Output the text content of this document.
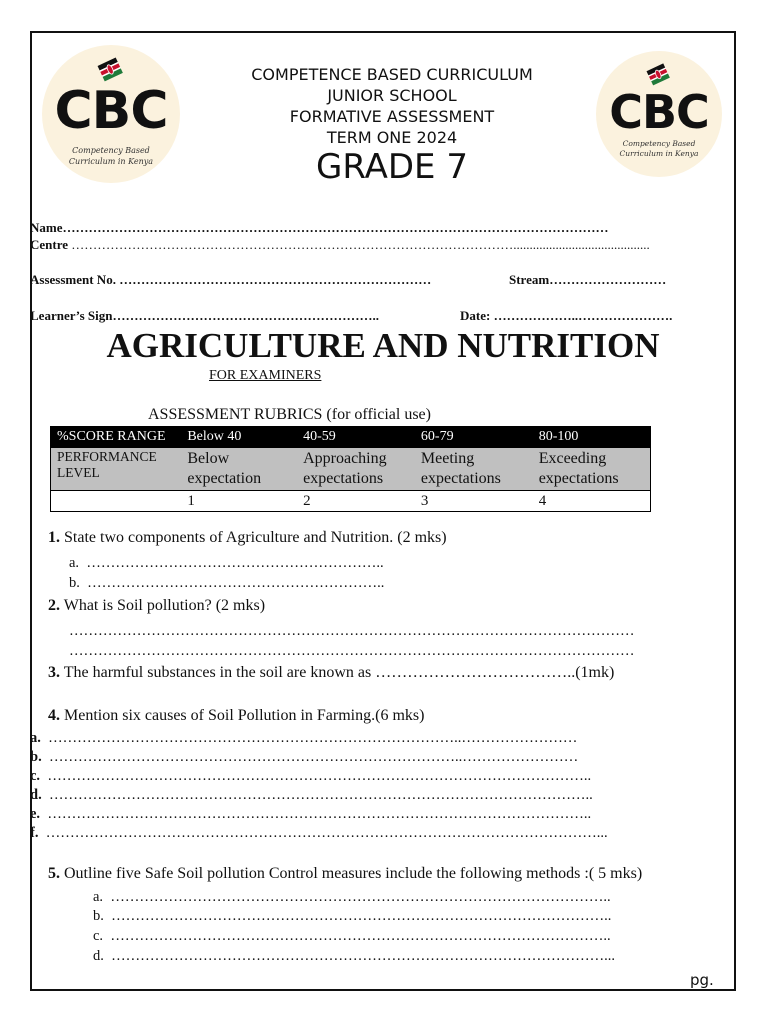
CBC
Competency Based
Curriculum in Kenya
CBC
Competency Based
Curriculum in Kenya
COMPETENCE BASED CURRICULUM
JUNIOR SCHOOL
FORMATIVE ASSESSMENT
TERM ONE 2024
GRADE 7
Name………………………………………………………………………………………………………………
Centre …………………………………………………………………………………………..........................................
Assessment No. ………………………………………………………………	Stream………………………
Learner’s Sign……………………………………………………..	Date: ………………..………………….
AGRICULTURE AND NUTRITION
FOR EXAMINERS
ASSESSMENT RUBRICS (for official use)
%SCORE RANGE	Below 40	40-59	60-79	80-100
PERFORMANCE LEVEL	Below expectation	Approaching expectations	Meeting expectations	Exceeding expectations
	1	2	3	4
1. State two components of Agriculture and Nutrition. (2 mks)
a. ……………………………………………………..
b. ……………………………………………………..
2. What is Soil pollution? (2 mks)
………………………………………………………………………………………………………
………………………………………………………………………………………………………
3. The harmful substances in the soil are known as ………………………………..(1mk)
4. Mention six causes of Soil Pollution in Farming.(6 mks)
a. …………………………………………………………………………..……………………
b. …………………………………………………………………………..……………………
c. …………………………………………………………………………………………………..
d. …………………………………………………………………………………………………..
e. …………………………………………………………………………………………………..
f. ……………………………………………………………………………………………………...
5. Outline five Safe Soil pollution Control measures include the following methods :( 5 mks)
a. …………………………………………………………………………………………..
b. …………………………………………………………………………………………..
c. …………………………………………………………………………………………..
d. …………………………………………………………………………………………...
pg.
